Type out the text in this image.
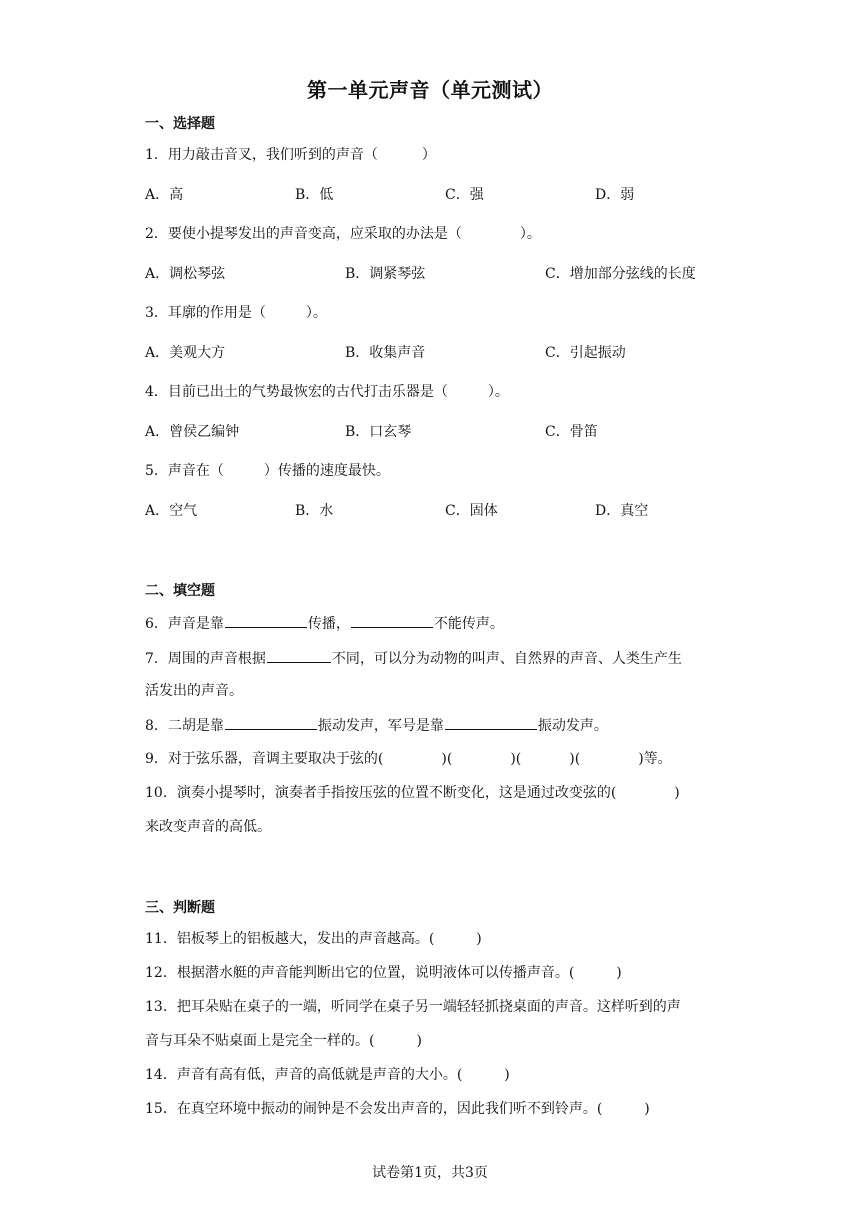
第一单元声音（单元测试）
一、选择题
1．用力敲击音叉，我们听到的声音（	）
A．高	B．低	C．强	D．弱
2．要使小提琴发出的声音变高，应采取的办法是（	）。
A．调松琴弦	B．调紧琴弦	C．增加部分弦线的长度
3．耳廓的作用是（	）。
A．美观大方	B．收集声音	C．引起振动
4．目前已出土的气势最恢宏的古代打击乐器是（	）。
A．曾侯乙编钟	B．口玄琴	C．骨笛
5．声音在（	）传播的速度最快。
A．空气	B．水	C．固体	D．真空
二、填空题
6．声音是靠	传播，	不能传声。
7．周围的声音根据	不同，可以分为动物的叫声、自然界的声音、人类生产生
活发出的声音。
8．二胡是靠	振动发声，军号是靠	振动发声。
9．对于弦乐器，音调主要取决于弦的(	)(	)(	)(	)等。
10．演奏小提琴时，演奏者手指按压弦的位置不断变化，这是通过改变弦的(	)
来改变声音的高低。
三、判断题
11．铝板琴上的铝板越大，发出的声音越高。(	)
12．根据潜水艇的声音能判断出它的位置，说明液体可以传播声音。(	)
13．把耳朵贴在桌子的一端，听同学在桌子另一端轻轻抓挠桌面的声音。这样听到的声
音与耳朵不贴桌面上是完全一样的。(	)
14．声音有高有低，声音的高低就是声音的大小。(	)
15．在真空环境中振动的闹钟是不会发出声音的，因此我们听不到铃声。(	)
试卷第1页，共3页
